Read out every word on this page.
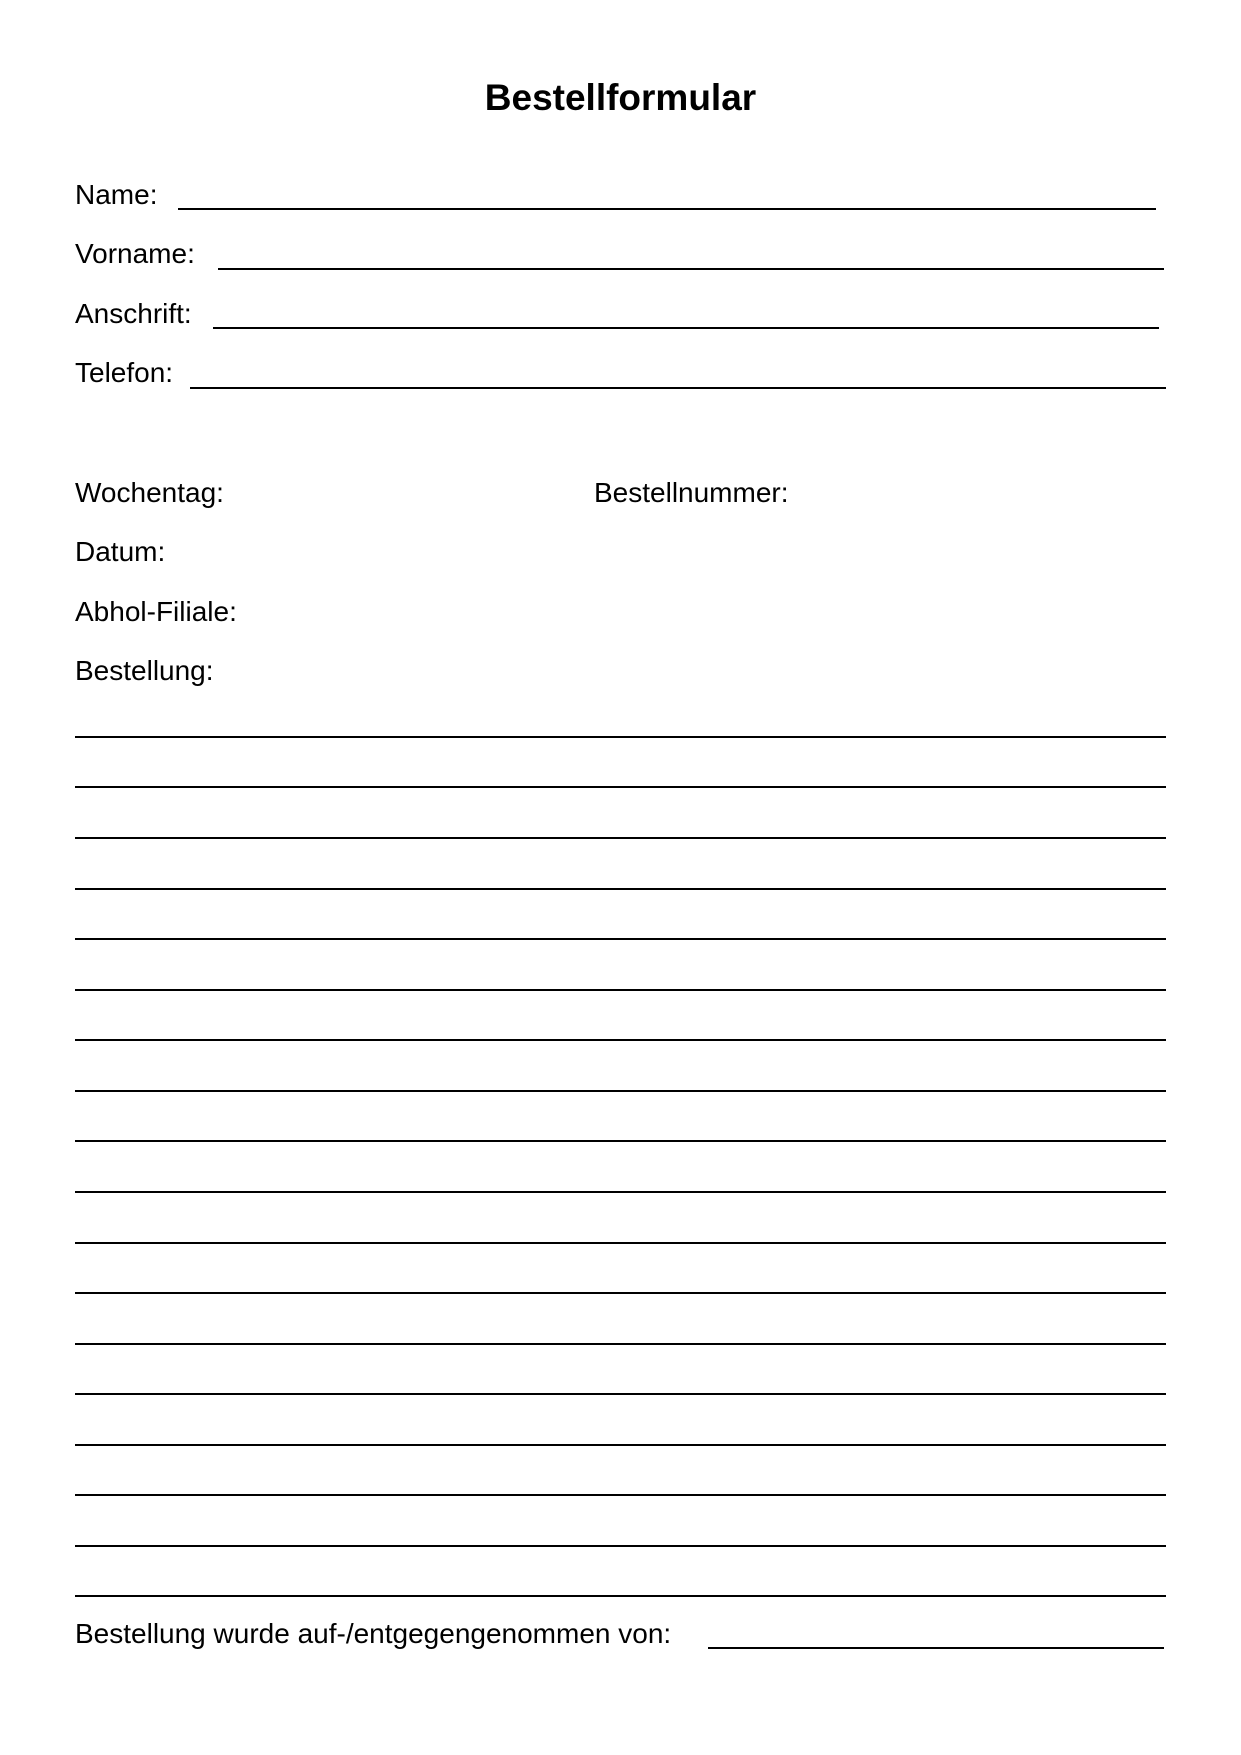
Bestellformular
Name:
Vorname:
Anschrift:
Telefon:
Wochentag:	Bestellnummer:
Datum:
Abhol-Filiale:
Bestellung:
Bestellung wurde auf-/entgegengenommen von:
